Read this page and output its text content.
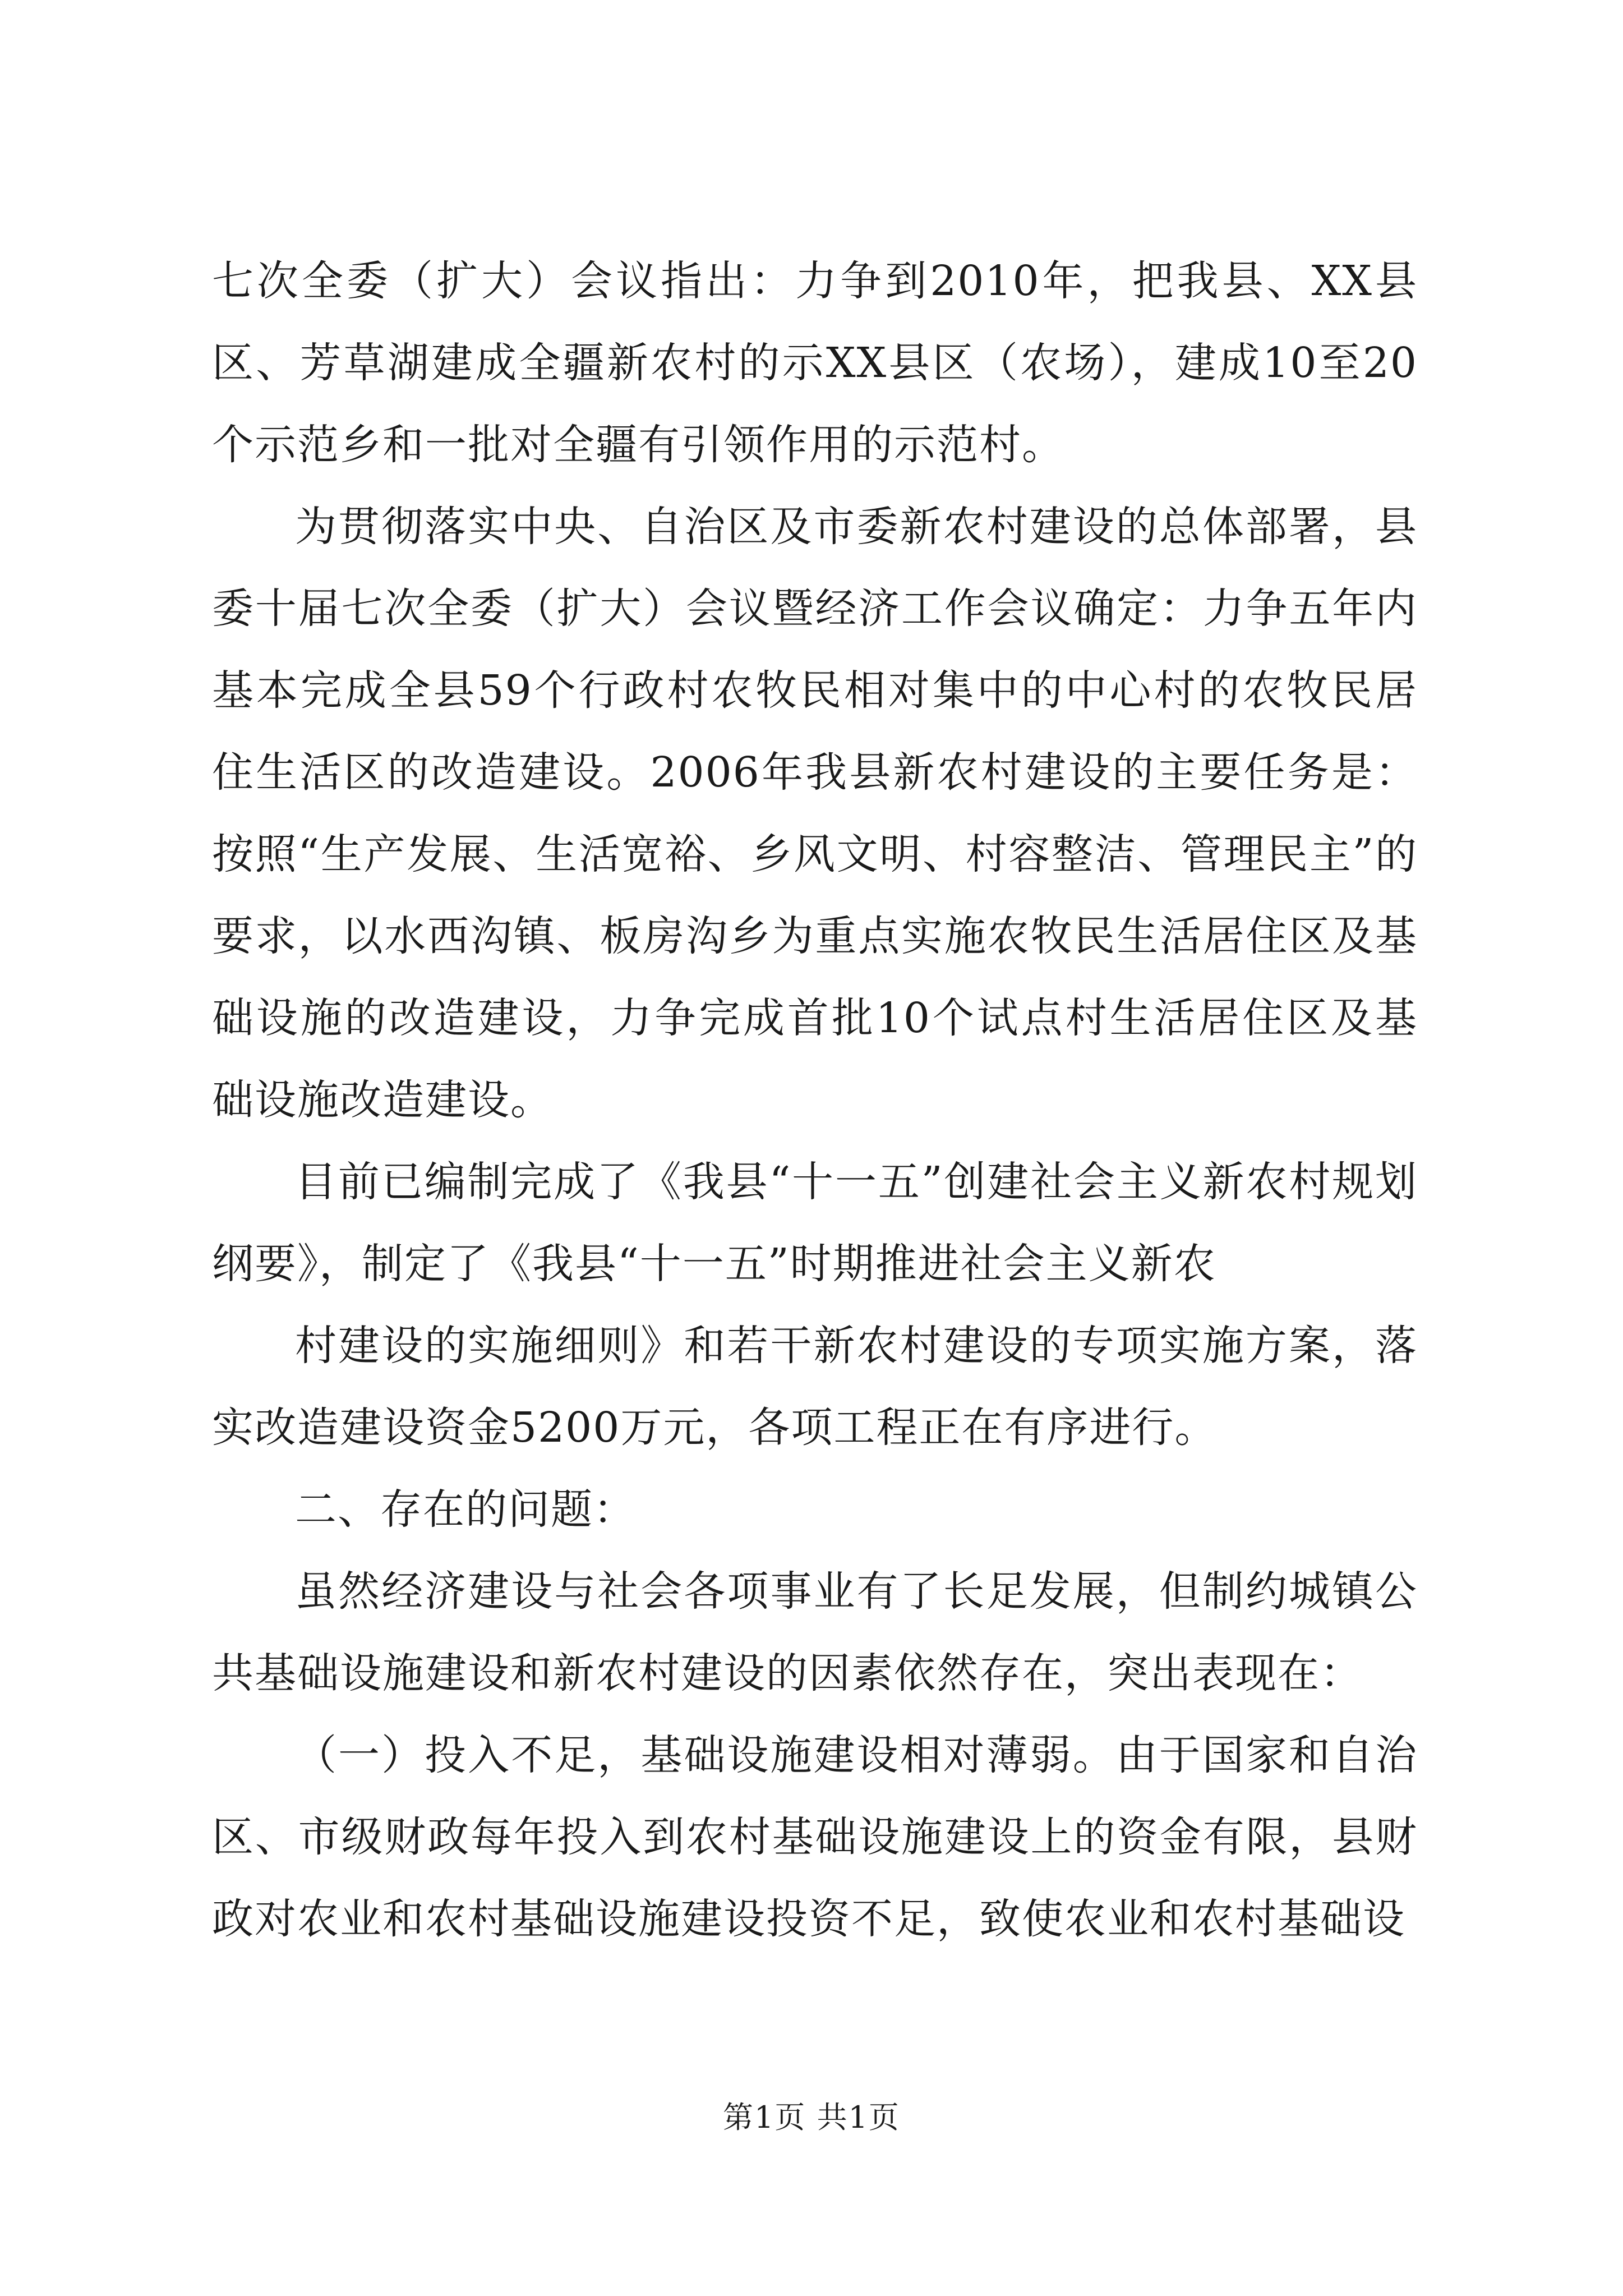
七次全委（扩大）会议指出：力争到2010年，把我县、XX县区、芳草湖建成全疆新农村的示XX县区（农场），建成10至20个示范乡和一批对全疆有引领作用的示范村。

为贯彻落实中央、自治区及市委新农村建设的总体部署，县委十届七次全委（扩大）会议暨经济工作会议确定：力争五年内基本完成全县59个行政村农牧民相对集中的中心村的农牧民居住生活区的改造建设。2006年我县新农村建设的主要任务是：按照“生产发展、生活宽裕、乡风文明、村容整洁、管理民主”的要求，以水西沟镇、板房沟乡为重点实施农牧民生活居住区及基础设施的改造建设，力争完成首批10个试点村生活居住区及基础设施改造建设。

目前已编制完成了《我县“十一五”创建社会主义新农村规划纲要》，制定了《我县“十一五”时期推进社会主义新农

村建设的实施细则》和若干新农村建设的专项实施方案，落实改造建设资金5200万元，各项工程正在有序进行。

二、存在的问题：

虽然经济建设与社会各项事业有了长足发展，但制约城镇公共基础设施建设和新农村建设的因素依然存在，突出表现在：

（一）投入不足，基础设施建设相对薄弱。由于国家和自治区、市级财政每年投入到农村基础设施建设上的资金有限，县财政对农业和农村基础设施建设投资不足，致使农业和农村基础设

第1页 共1页
